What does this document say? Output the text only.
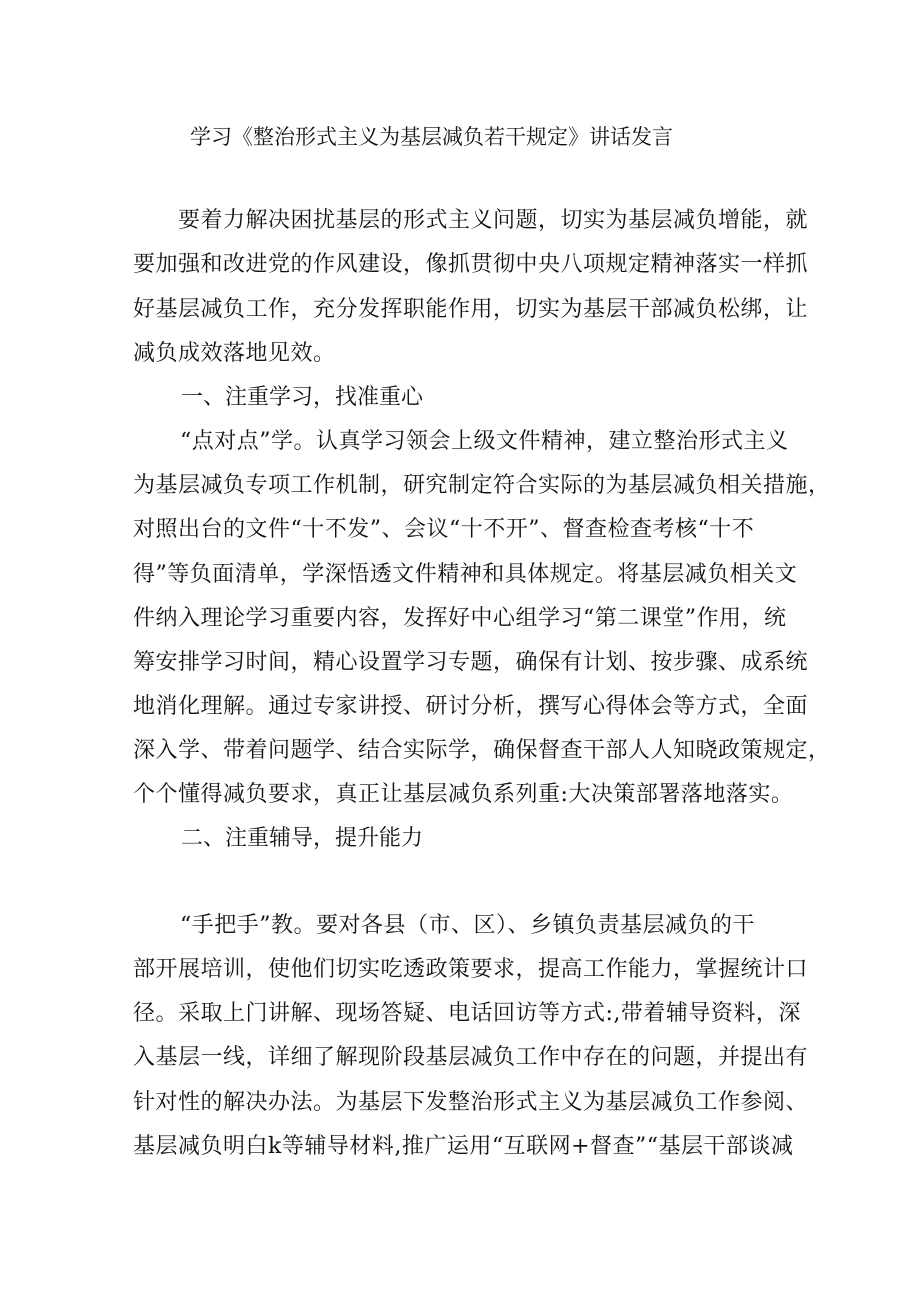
学习《整治形式主义为基层减负若干规定》讲话发言
要着力解决困扰基层的形式主义问题，切实为基层减负增能，就
要加强和改进党的作风建设，像抓贯彻中央八项规定精神落实一样抓
好基层减负工作，充分发挥职能作用，切实为基层干部减负松绑，让
减负成效落地见效。
一、注重学习，找准重心
“点对点”学。认真学习领会上级文件精神，建立整治形式主义
为基层减负专项工作机制，研究制定符合实际的为基层减负相关措施，
对照出台的文件“十不发”、会议“十不开”、督查检查考核“十不
得”等负面清单，学深悟透文件精神和具体规定。将基层减负相关文
件纳入理论学习重要内容，发挥好中心组学习“第二课堂”作用，统
筹安排学习时间，精心设置学习专题，确保有计划、按步骤、成系统
地消化理解。通过专家讲授、研讨分析，撰写心得体会等方式，全面
深入学、带着问题学、结合实际学，确保督查干部人人知晓政策规定，
个个懂得减负要求，真正让基层减负系列重:大决策部署落地落实。
二、注重辅导，提升能力
“手把手”教。要对各县（市、区）、乡镇负责基层减负的干
部开展培训，使他们切实吃透政策要求，提高工作能力，掌握统计口
径。采取上门讲解、现场答疑、电话回访等方式:,带着辅导资料，深
入基层一线，详细了解现阶段基层减负工作中存在的问题，并提出有
针对性的解决办法。为基层下发整治形式主义为基层减负工作参阅、
基层减负明白k等辅导材料,推广运用“互联网+督查”“基层干部谈减
